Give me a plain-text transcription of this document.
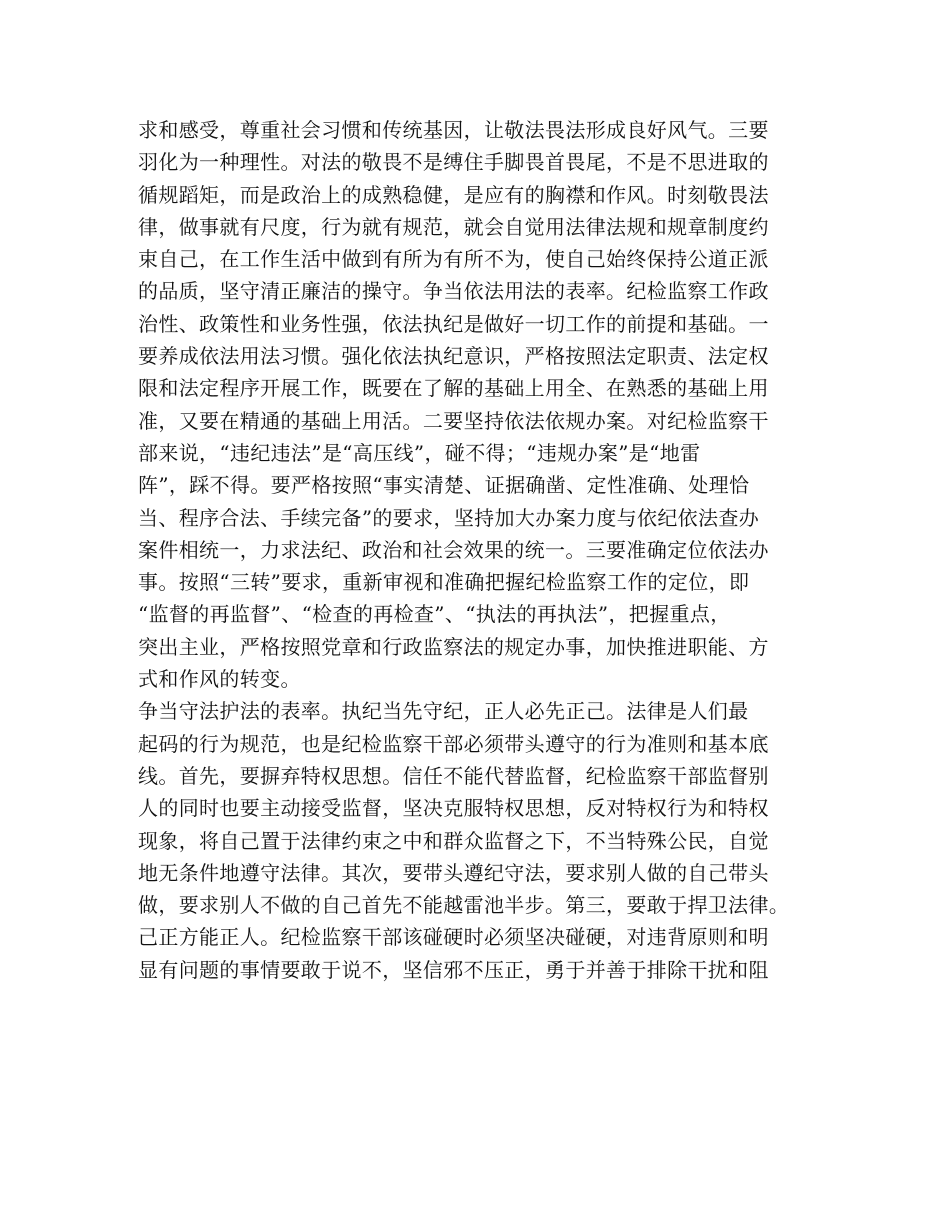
求和感受，尊重社会习惯和传统基因，让敬法畏法形成良好风气。三要
羽化为一种理性。对法的敬畏不是缚住手脚畏首畏尾，不是不思进取的
循规蹈矩，而是政治上的成熟稳健，是应有的胸襟和作风。时刻敬畏法
律，做事就有尺度，行为就有规范，就会自觉用法律法规和规章制度约
束自己，在工作生活中做到有所为有所不为，使自己始终保持公道正派
的品质，坚守清正廉洁的操守。争当依法用法的表率。纪检监察工作政
治性、政策性和业务性强，依法执纪是做好一切工作的前提和基础。一
要养成依法用法习惯。强化依法执纪意识，严格按照法定职责、法定权
限和法定程序开展工作，既要在了解的基础上用全、在熟悉的基础上用
准，又要在精通的基础上用活。二要坚持依法依规办案。对纪检监察干
部来说，“违纪违法”是“高压线”，碰不得；“违规办案”是“地雷
阵”，踩不得。要严格按照“事实清楚、证据确凿、定性准确、处理恰
当、程序合法、手续完备”的要求，坚持加大办案力度与依纪依法查办
案件相统一，力求法纪、政治和社会效果的统一。三要准确定位依法办
事。按照“三转”要求，重新审视和准确把握纪检监察工作的定位，即
“监督的再监督”、“检查的再检查”、“执法的再执法”，把握重点，
突出主业，严格按照党章和行政监察法的规定办事，加快推进职能、方
式和作风的转变。
争当守法护法的表率。执纪当先守纪，正人必先正己。法律是人们最
起码的行为规范，也是纪检监察干部必须带头遵守的行为准则和基本底
线。首先，要摒弃特权思想。信任不能代替监督，纪检监察干部监督别
人的同时也要主动接受监督，坚决克服特权思想，反对特权行为和特权
现象，将自己置于法律约束之中和群众监督之下，不当特殊公民，自觉
地无条件地遵守法律。其次，要带头遵纪守法，要求别人做的自己带头
做，要求别人不做的自己首先不能越雷池半步。第三，要敢于捍卫法律。
己正方能正人。纪检监察干部该碰硬时必须坚决碰硬，对违背原则和明
显有问题的事情要敢于说不，坚信邪不压正，勇于并善于排除干扰和阻
